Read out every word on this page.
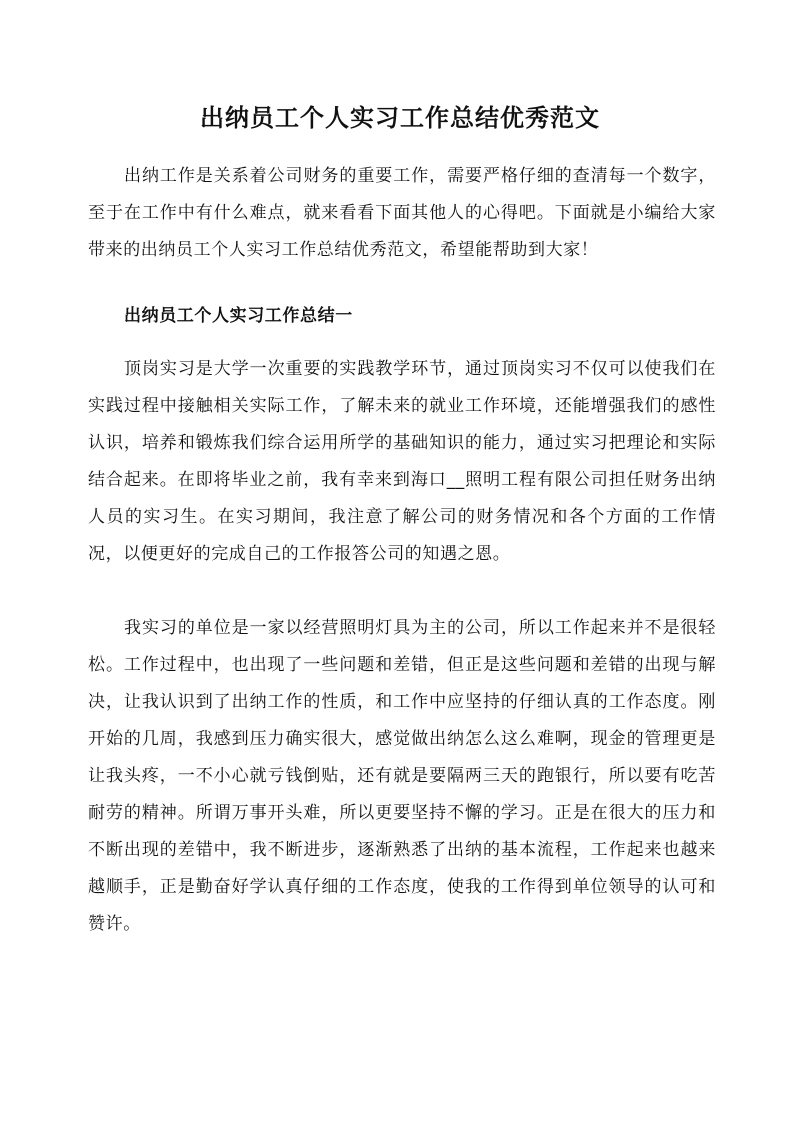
出纳员工个人实习工作总结优秀范文

出纳工作是关系着公司财务的重要工作，需要严格仔细的查清每一个数字，至于在工作中有什么难点，就来看看下面其他人的心得吧。下面就是小编给大家带来的出纳员工个人实习工作总结优秀范文，希望能帮助到大家！

出纳员工个人实习工作总结一

顶岗实习是大学一次重要的实践教学环节，通过顶岗实习不仅可以使我们在实践过程中接触相关实际工作，了解未来的就业工作环境，还能增强我们的感性认识，培养和锻炼我们综合运用所学的基础知识的能力，通过实习把理论和实际结合起来。在即将毕业之前，我有幸来到海口__照明工程有限公司担任财务出纳人员的实习生。在实习期间，我注意了解公司的财务情况和各个方面的工作情况，以便更好的完成自己的工作报答公司的知遇之恩。

我实习的单位是一家以经营照明灯具为主的公司，所以工作起来并不是很轻松。工作过程中，也出现了一些问题和差错，但正是这些问题和差错的出现与解决，让我认识到了出纳工作的性质，和工作中应坚持的仔细认真的工作态度。刚开始的几周，我感到压力确实很大，感觉做出纳怎么这么难啊，现金的管理更是让我头疼，一不小心就亏钱倒贴，还有就是要隔两三天的跑银行，所以要有吃苦耐劳的精神。所谓万事开头难，所以更要坚持不懈的学习。正是在很大的压力和不断出现的差错中，我不断进步，逐渐熟悉了出纳的基本流程，工作起来也越来越顺手，正是勤奋好学认真仔细的工作态度，使我的工作得到单位领导的认可和赞许。
